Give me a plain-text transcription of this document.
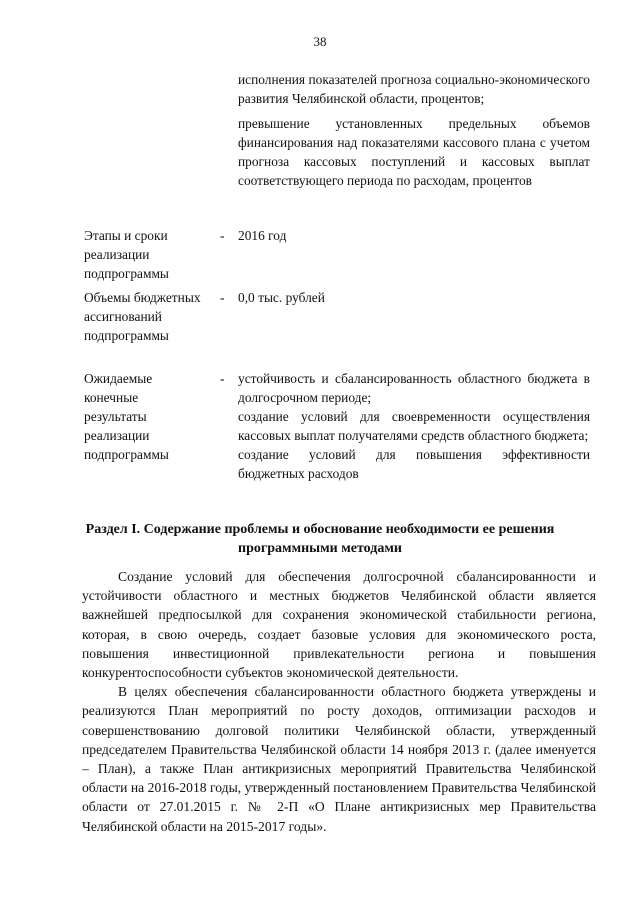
38

исполнения показателей прогноза социально-экономического развития Челябинской области, процентов;

превышение установленных предельных объемов финансирования над показателями кассового плана с учетом прогноза кассовых поступлений и кассовых выплат соответствующего периода по расходам, процентов

Этапы и сроки реализации подпрограммы
- 2016 год

Объемы бюджетных ассигнований подпрограммы
- 0,0 тыс. рублей

Ожидаемые конечные результаты реализации подпрограммы
- устойчивость и сбалансированность областного бюджета в долгосрочном периоде;

создание условий для своевременности осуществления кассовых выплат получателями средств областного бюджета;

создание условий для повышения эффективности бюджетных расходов

Раздел I. Содержание проблемы и обоснование необходимости ее решения программными методами

Создание условий для обеспечения долгосрочной сбалансированности и устойчивости областного и местных бюджетов Челябинской области является важнейшей предпосылкой для сохранения экономической стабильности региона, которая, в свою очередь, создает базовые условия для экономического роста, повышения инвестиционной привлекательности региона и повышения конкурентоспособности субъектов экономической деятельности.

В целях обеспечения сбалансированности областного бюджета утверждены и реализуются План мероприятий по росту доходов, оптимизации расходов и совершенствованию долговой политики Челябинской области, утвержденный председателем Правительства Челябинской области 14 ноября 2013 г. (далее именуется – План), а также План антикризисных мероприятий Правительства Челябинской области на 2016-2018 годы, утвержденный постановлением Правительства Челябинской области от 27.01.2015 г. № 2-П «О Плане антикризисных мер Правительства Челябинской области на 2015-2017 годы».
